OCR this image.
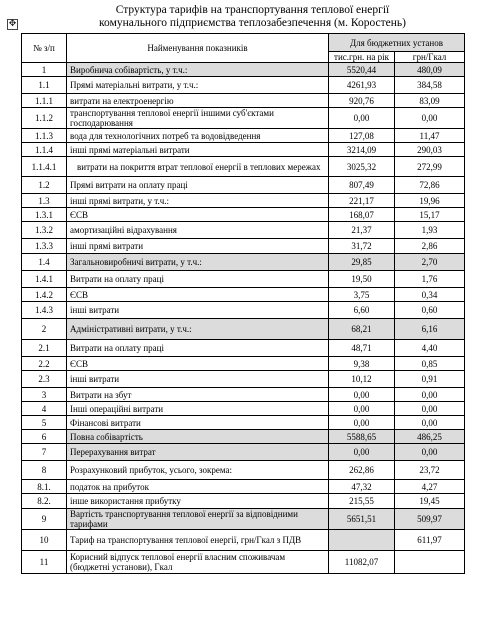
✥
Структура тарифів на транспортування теплової енергії
комунального підприємства теплозабезпечення (м. Коростень)
№ з/п	Найменування показників	Для бюджетних установ	
		тис.грн. на рік	грн/Гкал
1	Виробнича собівартість, у т.ч.:	5520,44	480,09
1.1	Прямі матеріальні витрати, у т.ч.:	4261,93	384,58
1.1.1	витрати на електроенергію	920,76	83,09
1.1.2	транспортування теплової енергії іншими суб'єктами господарювання	0,00	0,00
1.1.3	вода для технологічних потреб та водовідведення	127,08	11,47
1.1.4	інші прямі матеріальні витрати	3214,09	290,03
1.1.4.1	витрати на покриття втрат теплової енергії в теплових мережах	3025,32	272,99
1.2	Прямі витрати на оплату праці	807,49	72,86
1.3	інші прямі витрати, у т.ч.:	221,17	19,96
1.3.1	ЄСВ	168,07	15,17
1.3.2	амортизаційні відрахування	21,37	1,93
1.3.3	інші прямі витрати	31,72	2,86
1.4	Загальновиробничі витрати, у т.ч.:	29,85	2,70
1.4.1	Витрати на оплату праці	19,50	1,76
1.4.2	ЄСВ	3,75	0,34
1.4.3	інші витрати	6,60	0,60
2	Адміністративні витрати, у т.ч.:	68,21	6,16
2.1	Витрати на оплату праці	48,71	4,40
2.2	ЄСВ	9,38	0,85
2.3	інші витрати	10,12	0,91
3	Витрати на збут	0,00	0,00
4	Інші операційні витрати	0,00	0,00
5	Фінансові витрати	0,00	0,00
6	Повна собівартість	5588,65	486,25
7	Перерахування витрат	0,00	0,00
8	Розрахунковий прибуток, усього, зокрема:	262,86	23,72
8.1.	податок на прибуток	47,32	4,27
8.2.	інше використання прибутку	215,55	19,45
9	Вартість транспортування теплової енергії за відповідними тарифами	5651,51	509,97
10	Тариф на транспортування теплової енергії, грн/Гкал з ПДВ		611,97
11	Корисний відпуск теплової енергії власним споживачам (бюджетні установи), Гкал	11082,07	
